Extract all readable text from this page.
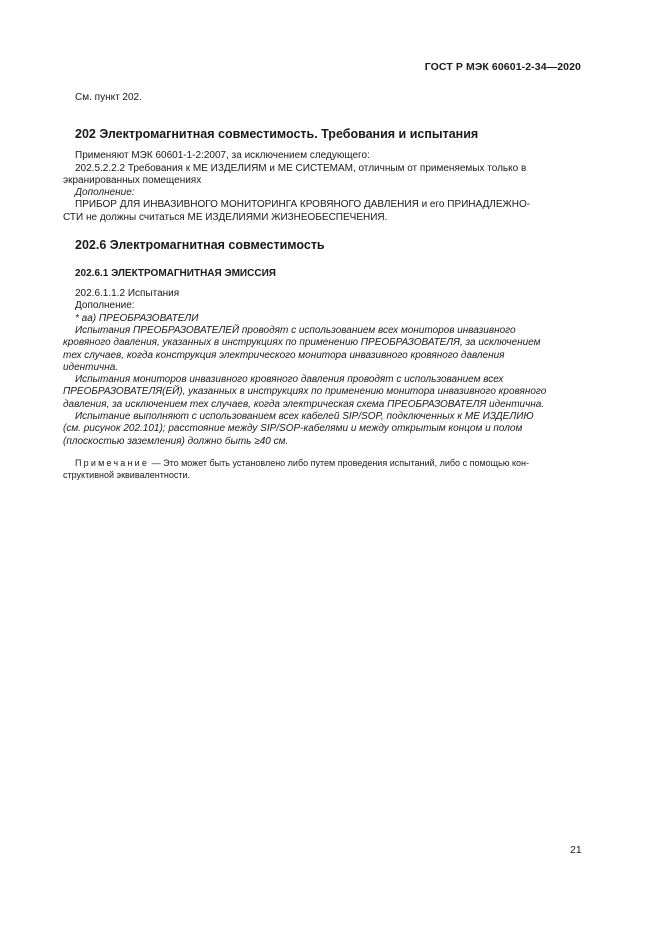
ГОСТ Р МЭК 60601-2-34—2020

См. пункт 202.

202 Электромагнитная совместимость. Требования и испытания

Применяют МЭК 60601-1-2:2007, за исключением следующего:

202.5.2.2.2 Требования к МЕ ИЗДЕЛИЯМ и МЕ СИСТЕМАМ, отличным от применяемых только в

экранированных помещениях

Дополнение:

ПРИБОР ДЛЯ ИНВАЗИВНОГО МОНИТОРИНГА КРОВЯНОГО ДАВЛЕНИЯ и его ПРИНАДЛЕЖНО-

СТИ не должны считаться МЕ ИЗДЕЛИЯМИ ЖИЗНЕОБЕСПЕЧЕНИЯ.

202.6 Электромагнитная совместимость

202.6.1 ЭЛЕКТРОМАГНИТНАЯ ЭМИССИЯ

202.6.1.1.2 Испытания

Дополнение:

* аа) ПРЕОБРАЗОВАТЕЛИ

Испытания ПРЕОБРАЗОВАТЕЛЕЙ проводят с использованием всех мониторов инвазивного

кровяного давления, указанных в инструкциях по применению ПРЕОБРАЗОВАТЕЛЯ, за исключением

тех случаев, когда конструкция электрического монитора инвазивного кровяного давления

идентична.

Испытания мониторов инвазивного кровяного давления проводят с использованием всех

ПРЕОБРАЗОВАТЕЛЯ(ЕЙ), указанных в инструкциях по применению монитора инвазивного кровяного

давления, за исключением тех случаев, когда электрическая схема ПРЕОБРАЗОВАТЕЛЯ идентична.

Испытание выполняют с использованием всех кабелей SIP/SOP, подключенных к МЕ ИЗДЕЛИЮ

(см. рисунок 202.101); расстояние между SIP/SOP-кабелями и между открытым концом и полом

(плоскостью заземления) должно быть ≥40 см.

Примечание — Это может быть установлено либо путем проведения испытаний, либо с помощью кон-

структивной эквивалентности.

21
